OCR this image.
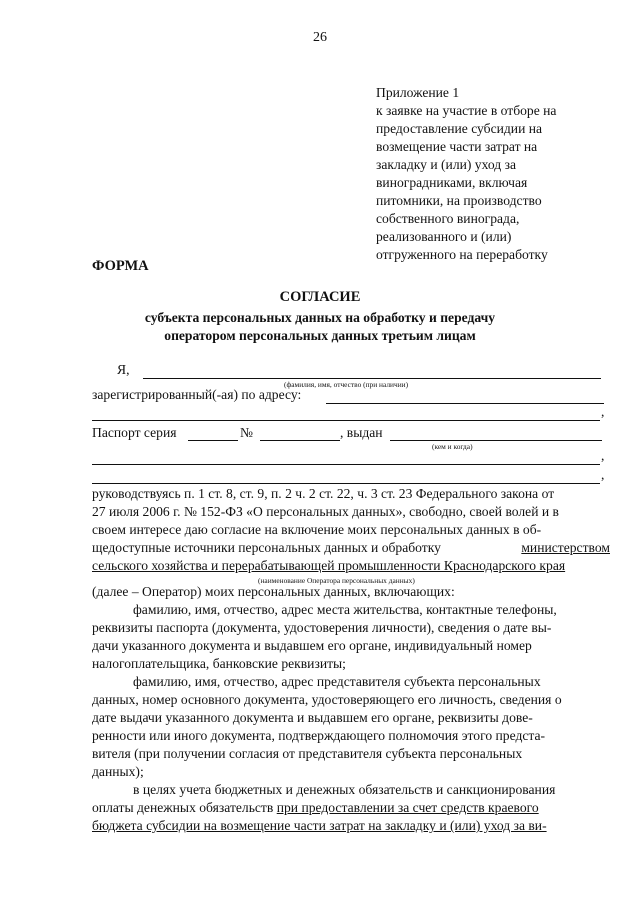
26
Приложение 1
к заявке на участие в отборе на
предоставление субсидии на
возмещение части затрат на
закладку и (или) уход за
виноградниками, включая
питомники, на производство
собственного винограда,
реализованного и (или)
отгруженного на переработку
ФОРМА
СОГЛАСИЕ
субъекта персональных данных на обработку и передачу
оператором персональных данных третьим лицам
Я,
(фамилия, имя, отчество (при наличии)
зарегистрированный(-ая) по адресу:
,
Паспорт серия	№	, выдан
(кем и когда)
,
,
руководствуясь п. 1 ст. 8, ст. 9, п. 2 ч. 2 ст. 22, ч. 3 ст. 23 Федерального закона от
27 июля 2006 г. № 152-ФЗ «О персональных данных», свободно, своей волей и в
своем интересе даю согласие на включение моих персональных данных в об-
щедоступные источники персональных данных и обработку	министерством
сельского хозяйства и перерабатывающей промышленности Краснодарского края
(наименование Оператора персональных данных)
(далее – Оператор) моих персональных данных, включающих:
фамилию, имя, отчество, адрес места жительства, контактные телефоны,
реквизиты паспорта (документа, удостоверения личности), сведения о дате вы-
дачи указанного документа и выдавшем его органе, индивидуальный номер
налогоплательщика, банковские реквизиты;
фамилию, имя, отчество, адрес представителя субъекта персональных
данных, номер основного документа, удостоверяющего его личность, сведения о
дате выдачи указанного документа и выдавшем его органе, реквизиты дове-
ренности или иного документа, подтверждающего полномочия этого предста-
вителя (при получении согласия от представителя субъекта персональных
данных);
в целях учета бюджетных и денежных обязательств и санкционирования
оплаты денежных обязательств при предоставлении за счет средств краевого
бюджета субсидии на возмещение части затрат на закладку и (или) уход за ви-
